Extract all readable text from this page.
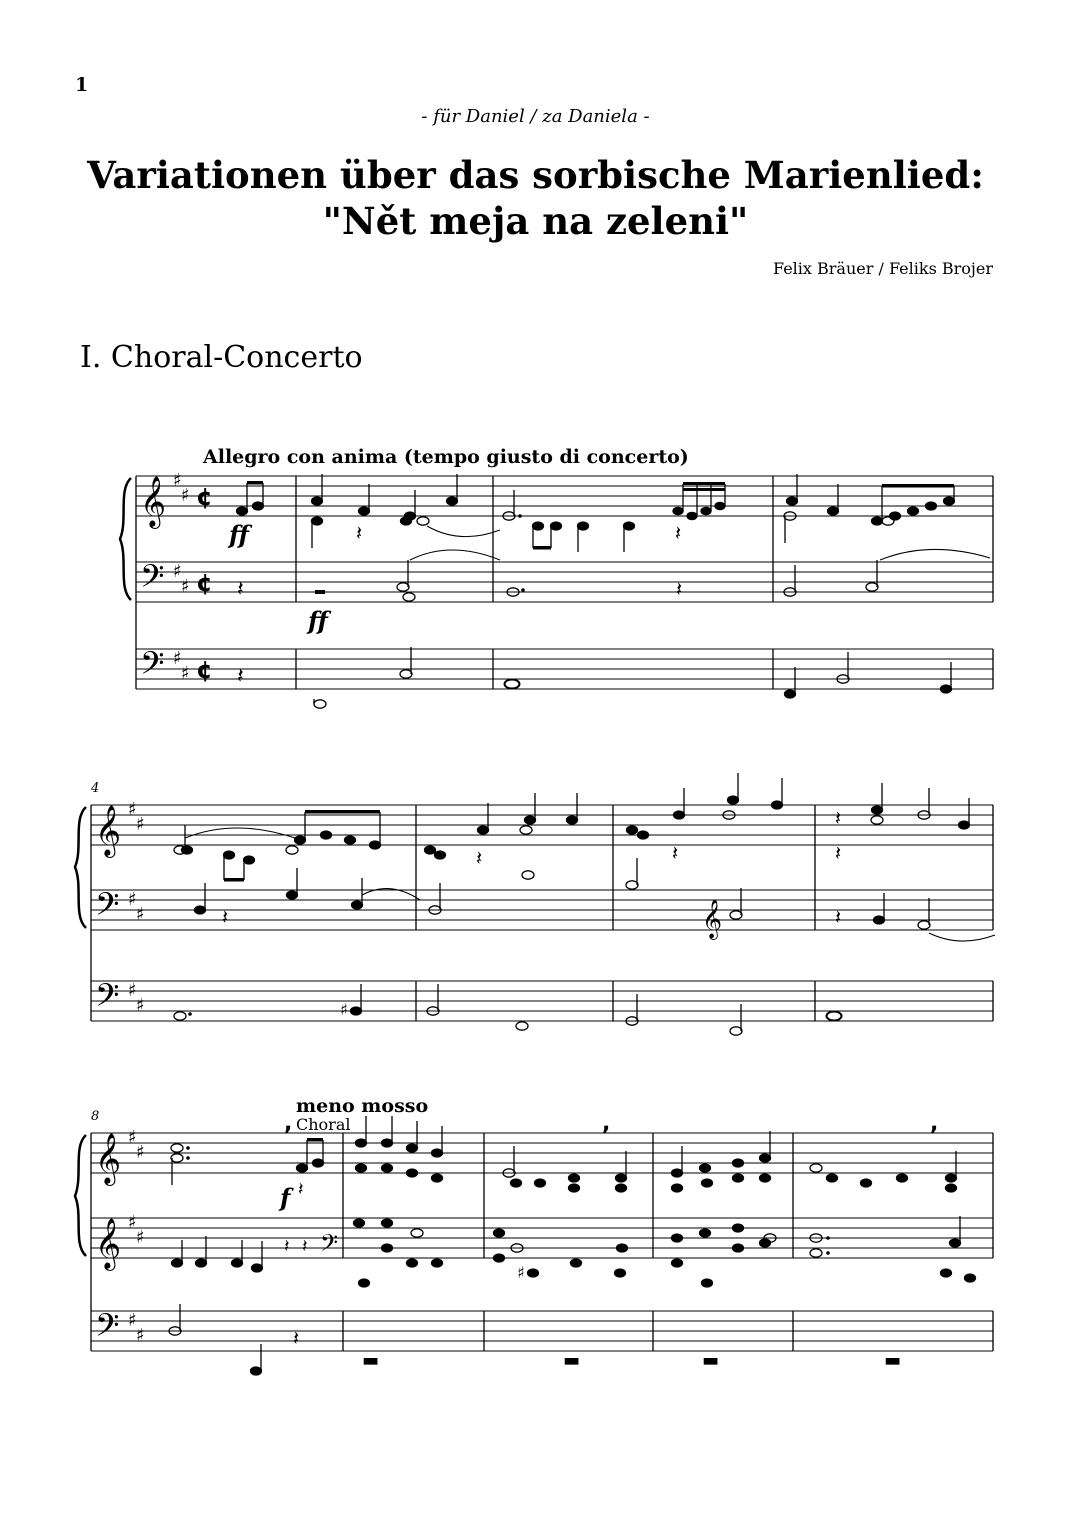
1
- für Daniel / za Daniela -
Variationen über das sorbische Marienlied:
"Nět meja na zeleni"
Felix Bräuer / Feliks Brojer
I. Choral-Concerto
Allegro con anima (tempo giusto di concerto)
𝄞
𝄢
𝄢
♯
♯
♯
♯
♯
♯
¢
¢
¢
ff
ff
𝄽
𝄽
𝄽	𝄽
𝄽
4
𝄞
𝄢
𝄢
♯
♯
♯
♯
♯
♯
𝄽
♯
𝄽	𝄽
𝄞
𝄽
𝄽
𝄽
8	meno mosso
Choral
𝄞
𝄞
𝄢
♯
♯
♯
♯
♯
♯
,	,	,
f 𝄽
𝄽 𝄽 𝄢
𝄽
▬
♯
▬	▬	▬
